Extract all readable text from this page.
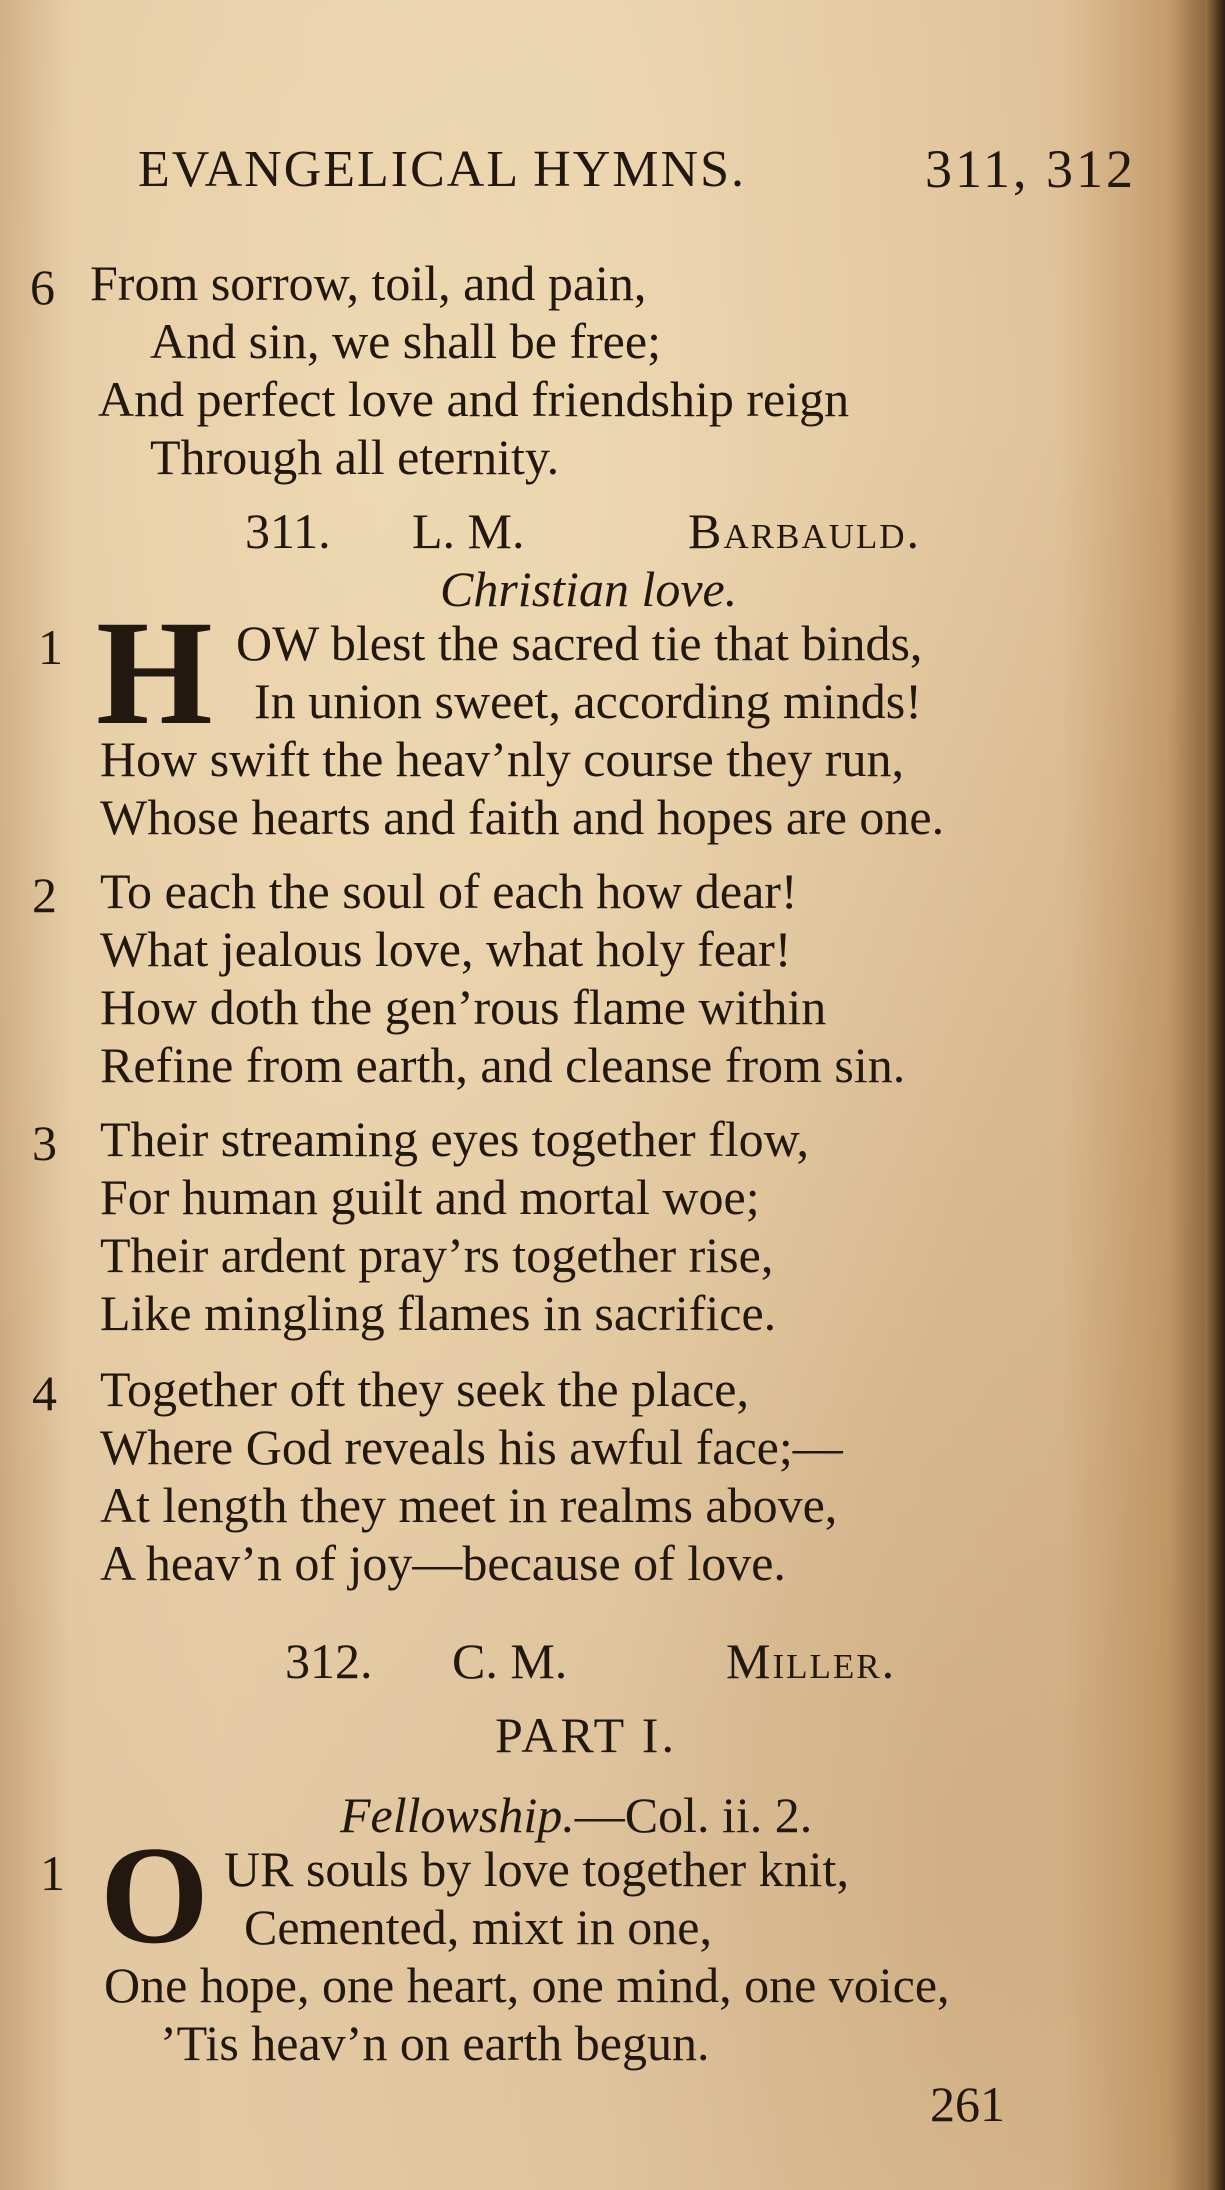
EVANGELICAL HYMNS.	311, 312
6 From sorrow, toil, and pain,
And sin, we shall be free;
And perfect love and friendship reign
Through all eternity.
311. L. M.	Barbauld.
Christian love.
1 H OW blest the sacred tie that binds,
In union sweet, according minds!
How swift the heav’nly course they run,
Whose hearts and faith and hopes are one.
2 To each the soul of each how dear!
What jealous love, what holy fear!
How doth the gen’rous flame within
Refine from earth, and cleanse from sin.
3 Their streaming eyes together flow,
For human guilt and mortal woe;
Their ardent pray’rs together rise,
Like mingling flames in sacrifice.
4 Together oft they seek the place,
Where God reveals his awful face;—
At length they meet in realms above,
A heav’n of joy—because of love.
312. C. M.	Miller.
PART I.
Fellowship.—Col. ii. 2.
1 O UR souls by love together knit,
Cemented, mixt in one,
One hope, one heart, one mind, one voice,
’Tis heav’n on earth begun.
261
